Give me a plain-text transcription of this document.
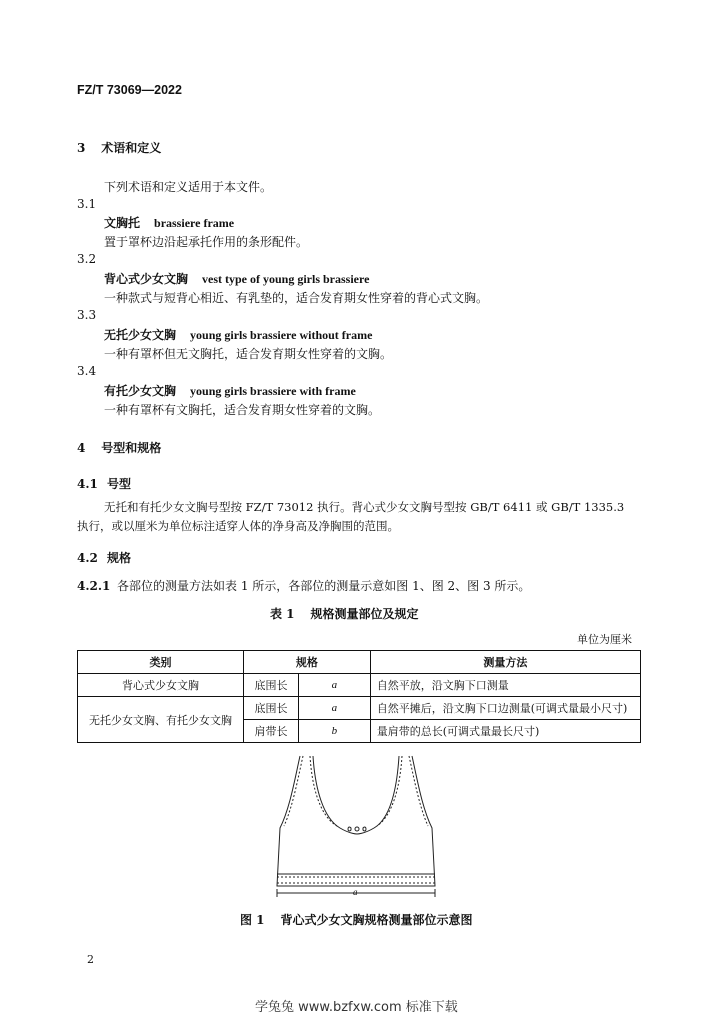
FZ/T 73069—2022
3 术语和定义
下列术语和定义适用于本文件。
3.1
文胸托 brassiere frame
置于罩杯边沿起承托作用的条形配件。
3.2
背心式少女文胸 vest type of young girls brassiere
一种款式与短背心相近、有乳垫的，适合发育期女性穿着的背心式文胸。
3.3
无托少女文胸 young girls brassiere without frame
一种有罩杯但无文胸托，适合发育期女性穿着的文胸。
3.4
有托少女文胸 young girls brassiere with frame
一种有罩杯有文胸托，适合发育期女性穿着的文胸。
4 号型和规格
4.1 号型
无托和有托少女文胸号型按 FZ/T 73012 执行。背心式少女文胸号型按 GB/T 6411 或 GB/T 1335.3
执行，或以厘米为单位标注适穿人体的净身高及净胸围的范围。
4.2 规格
4.2.1 各部位的测量方法如表 1 所示，各部位的测量示意如图 1、图 2、图 3 所示。
表 1 规格测量部位及规定
单位为厘米
类别	规格		测量方法
背心式少女文胸	底围长	a	自然平放，沿文胸下口测量
无托少女文胸、有托少女文胸	底围长	a	自然平摊后，沿文胸下口边测量(可调式量最小尺寸)
	肩带长	b	量肩带的总长(可调式量最长尺寸)
a
图 1 背心式少女文胸规格测量部位示意图
2
学兔兔 www.bzfxw.com 标准下载
